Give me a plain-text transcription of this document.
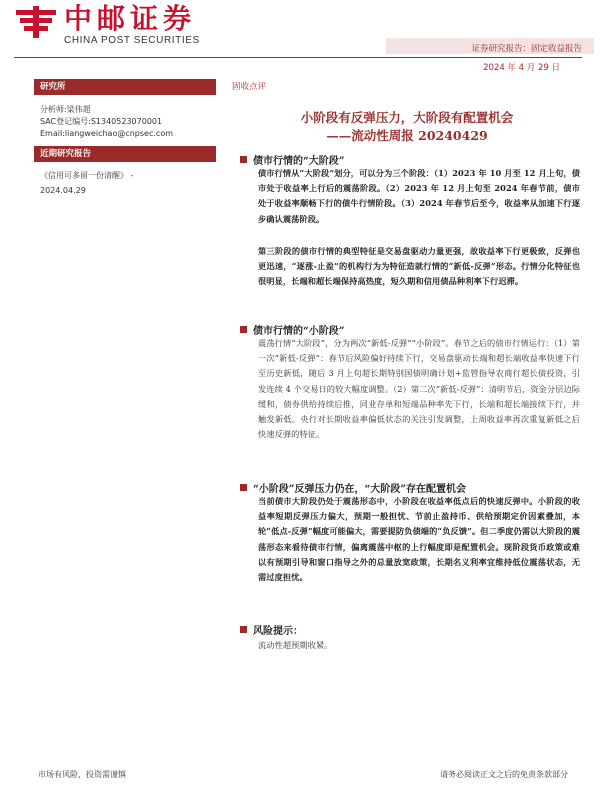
中邮证券
CHINA POST SECURITIES
证券研究报告：固定收益报告
2024 年 4 月 29 日
研究所
分析师:梁伟超
SAC登记编号:S1340523070001
Email:liangweichao@cnpsec.com
近期研究报告
《信用可多留一份清醒》 -
2024.04.29
固收点评
小阶段有反弹压力，大阶段有配置机会
——流动性周报 20240429
债市行情的“大阶段”
债市行情从“大阶段”划分，可以分为三个阶段：（1）2023 年 10 月至 12 月上旬，债市处于收益率上行后的震荡阶段。（2）2023 年 12 月上旬至 2024 年春节前，债市处于收益率顺畅下行的债牛行情阶段。（3）2024 年春节后至今，收益率从加速下行逐步确认震荡阶段。
第三阶段的债市行情的典型特征是交易盘驱动力量更强，故收益率下行更极致，反弹也更迅速，“逐涨-止盈”的机构行为为特征造就行情的“新低-反弹”形态。行情分化特征也很明显，长端和超长端保持高热度，短久期和信用债品种利率下行迟滞。
债市行情的“小阶段”
震荡行情“大阶段”，分为两次“新低-反弹”“小阶段”。春节之后的债市行情运行：（1）第一次“新低-反弹”：春节后风险偏好持续下行，交易盘驱动长端和超长端收益率快速下行至历史新低，随后 3 月上旬超长期特别国债明确计划+监管指导农商行超长债投资，引发连续 4 个交易日的较大幅度调整。（2）第二次“新低-反弹”：清明节后，资金分层边际缓和，债券供给持续后推，同业存单和短端品种率先下行，长端和超长端接续下行，并触发新低。央行对长期收益率偏低状态的关注引发调整，上周收益率再次重复新低之后快速反弹的特征。
“小阶段”反弹压力仍在，“大阶段”存在配置机会
当前债市大阶段仍处于震荡形态中，小阶段在收益率低点后的快速反弹中。小阶段的收益率短期反弹压力偏大，预期一般担忧、节前止盈持币、供给预期定价因素叠加，本轮“低点-反弹”幅度可能偏大，需要提防负债端的“负反馈”。但二季度仍需以大阶段的震荡形态来看待债市行情，偏离震荡中枢的上行幅度即是配置机会。现阶段货币政策或难以有预期引导和窗口指导之外的总量放宽政策，长期名义利率宜维持低位震荡状态，无需过度担忧。
风险提示：
流动性超预期收紧。
市场有风险，投资需谨慎	请务必阅读正文之后的免责条款部分
